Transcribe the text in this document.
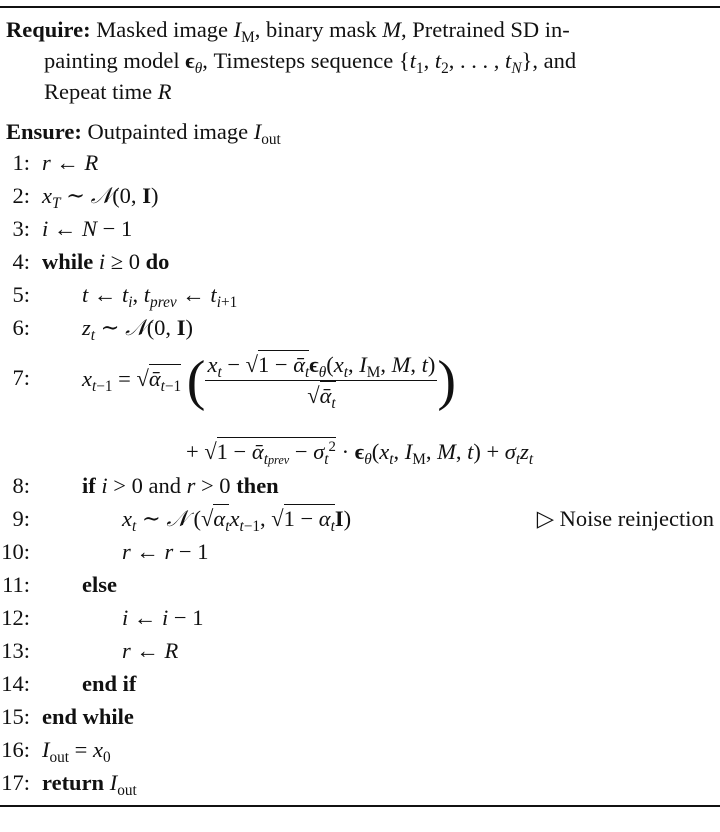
Require: Masked image $I_M$, binary mask M, Pretrained SD in-
painting model $\epsilon_\theta$, Timesteps sequence {$t_1$, $t_2$, . . . , $t_N$}, and
Repeat time R
Ensure: Outpainted image $I_{out}$
1: r ← R
2: $x_T$ ∼ 𝒩(0, I)
3: i ← N − 1
4: while i ≥ 0 do
5: t ← $t_i$, $t_{prev}$ ← $t_{i+1}$
6: $z_t$ ∼ 𝒩(0, I)
7: $x_{t-1}$ = √ᾱ$_{t-1}$ ( $\frac{x_t - √1 - ᾱ_t\epsilon_\theta(x_t, I_M, M, t)}{√ᾱ_t}$ )
+ √1 − ᾱ$_{tprev}$ − $\sigma_t^2 \cdot \epsilon_\theta(x_t$, $I_M$, M, $t) + \sigma_tz_t$
8: if i > 0 and r > 0 then
9:	$x_t$ ∼ 𝒩 ($√\alpha_tx_{t-1}$, $√1 - \alpha_tI$)	▷ Noise reinjection
10:	r ← r − 1
11: else
12:	i ← i − 1
13:	r ← R
14: end if
15: end while
16: $I_{out} = x_0$
17: return $I_{out}$
